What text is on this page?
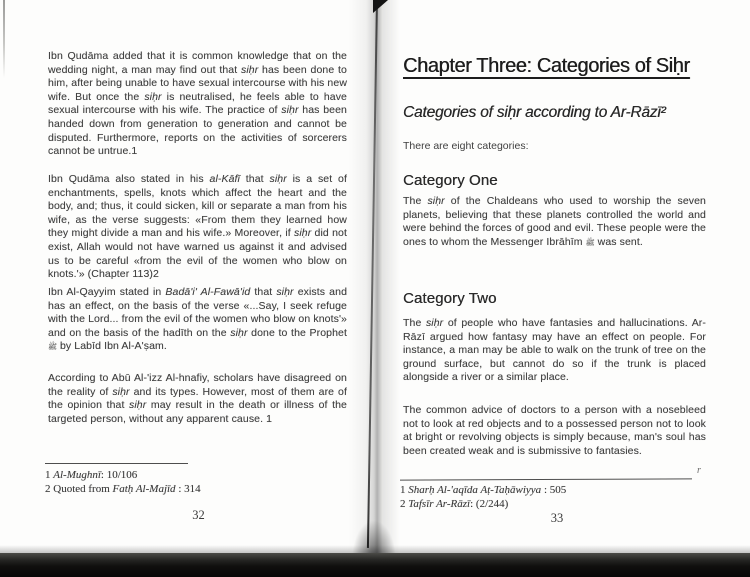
Ibn Qudāma added that it is common knowledge that on the wedding night, a man may find out that siḥr has been done to him, after being unable to have sexual intercourse with his new wife. But once the siḥr is neutralised, he feels able to have sexual intercourse with his wife. The practice of siḥr has been handed down from generation to generation and cannot be disputed. Furthermore, reports on the activities of sorcerers cannot be untrue.1

Ibn Qudāma also stated in his al-Kāfī that siḥr is a set of enchantments, spells, knots which affect the heart and the body, and; thus, it could sicken, kill or separate a man from his wife, as the verse suggests: «From them they learned how they might divide a man and his wife.» Moreover, if siḥr did not exist, Allah would not have warned us against it and advised us to be careful «from the evil of the women who blow on knots.'» (Chapter 113)2

Ibn Al-Qayyim stated in Badā'i' Al-Fawā'id that siḥr exists and has an effect, on the basis of the verse «...Say, I seek refuge with the Lord... from the evil of the women who blow on knots'» and on the basis of the hadīth on the siḥr done to the Prophet ﷺ by Labīd Ibn Al-A'ṣam.

According to Abū Al-'izz Al-hnafiy, scholars have disagreed on the reality of siḥr and its types. However, most of them are of the opinion that siḥr may result in the death or illness of the targeted person, without any apparent cause. 1

1 Al-Mughnī: 10/106

2 Quoted from Fatḥ Al-Majīd : 314

32
Chapter Three: Categories of Siḥr
Categories of siḥr according to Ar-Rāzī²
There are eight categories:
Category One

The siḥr of the Chaldeans who used to worship the seven planets, believing that these planets controlled the world and were behind the forces of good and evil. These people were the ones to whom the Messenger Ibrāhīm ﷺ was sent.

Category Two

The siḥr of people who have fantasies and hallucinations. Ar-Rāzī argued how fantasy may have an effect on people. For instance, a man may be able to walk on the trunk of tree on the ground surface, but cannot do so if the trunk is placed alongside a river or a similar place.

The common advice of doctors to a person with a nosebleed not to look at red objects and to a possessed person not to look at bright or revolving objects is simply because, man's soul has been created weak and is submissive to fantasies.

r

1 Sharḥ Al-'aqīda Aṭ-Taḥāwiyya : 505

2 Tafsīr Ar-Rāzī: (2/244)

33
